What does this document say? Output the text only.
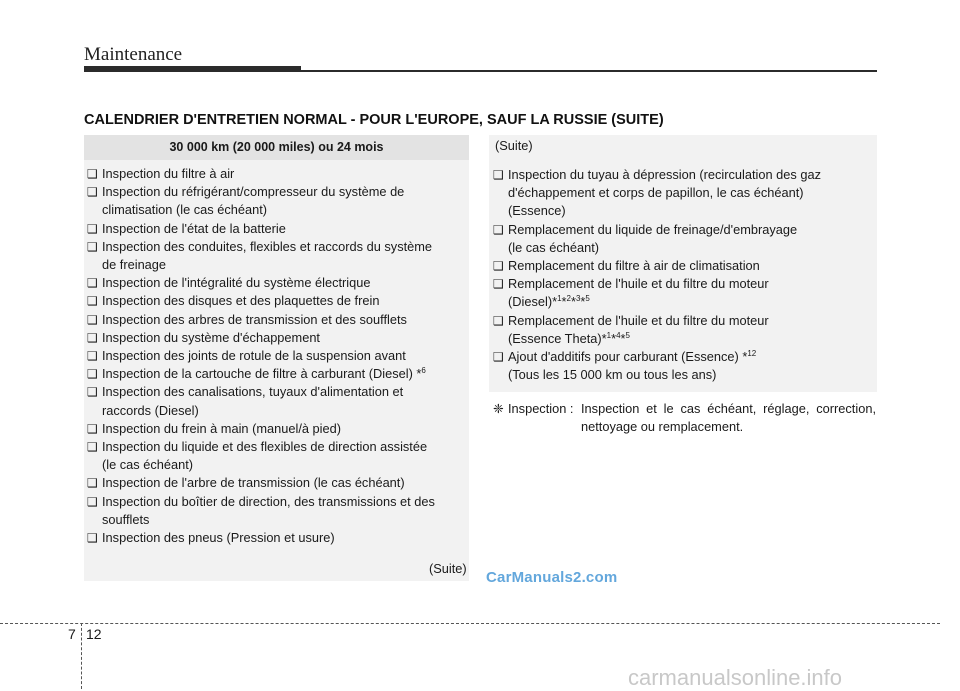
Maintenance
CALENDRIER D'ENTRETIEN NORMAL - POUR L'EUROPE, SAUF LA RUSSIE (SUITE)
30 000 km (20 000 miles) ou 24 mois
❑ Inspection du filtre à air
❑ Inspection du réfrigérant/compresseur du système de
climatisation (le cas échéant)
❑ Inspection de l'état de la batterie
❑ Inspection des conduites, flexibles et raccords du système
de freinage
❑ Inspection de l'intégralité du système électrique
❑ Inspection des disques et des plaquettes de frein
❑ Inspection des arbres de transmission et des soufflets
❑ Inspection du système d'échappement
❑ Inspection des joints de rotule de la suspension avant
❑ Inspection de la cartouche de filtre à carburant (Diesel) *$^6$
❑ Inspection des canalisations, tuyaux d'alimentation et
raccords (Diesel)
❑ Inspection du frein à main (manuel/à pied)
❑ Inspection du liquide et des flexibles de direction assistée
(le cas échéant)
❑ Inspection de l'arbre de transmission (le cas échéant)
❑ Inspection du boîtier de direction, des transmissions et des
soufflets
❑ Inspection des pneus (Pression et usure)
(Suite)
(Suite)
❑ Inspection du tuyau à dépression (recirculation des gaz
d'échappement et corps de papillon, le cas échéant)
(Essence)
❑ Remplacement du liquide de freinage/d'embrayage
(le cas échéant)
❑ Remplacement du filtre à air de climatisation
❑ Remplacement de l'huile et du filtre du moteur
(Diesel)*$^1$*$^2$*$^3$*$^5$
❑ Remplacement de l'huile et du filtre du moteur
(Essence Theta)*$^1$*$^4$*$^5$
❑ Ajout d'additifs pour carburant (Essence) *$^{12}$
(Tous les 15 000 km ou tous les ans)
❈ Inspection : Inspection et le cas échéant, réglage, correction, nettoyage ou remplacement.
CarManuals2.com
7 12
carmanualsonline.info
